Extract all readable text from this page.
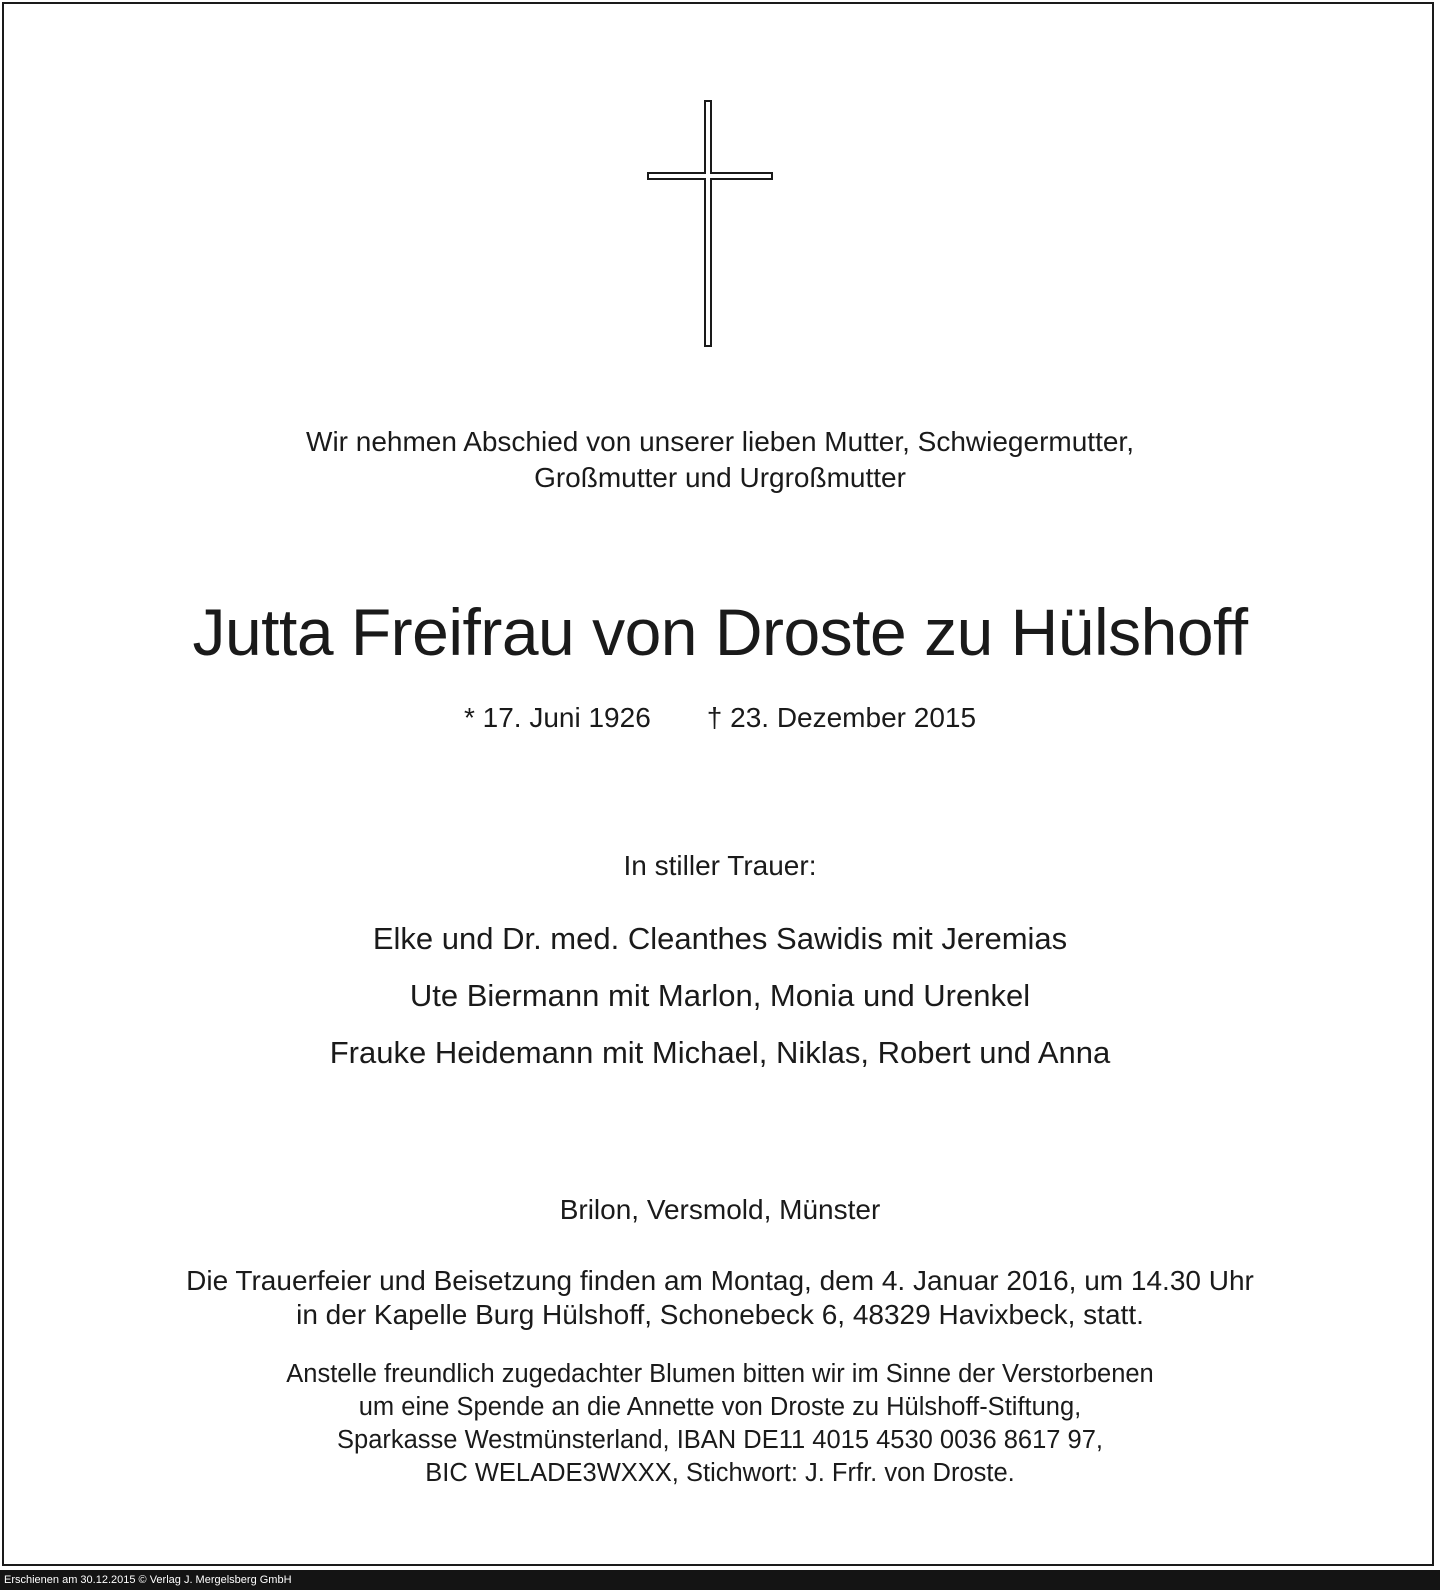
Wir nehmen Abschied von unserer lieben Mutter, Schwiegermutter,
Großmutter und Urgroßmutter
Jutta Freifrau von Droste zu Hülshoff
* 17. Juni 1926 † 23. Dezember 2015
In stiller Trauer:
Elke und Dr. med. Cleanthes Sawidis mit Jeremias
Ute Biermann mit Marlon, Monia und Urenkel
Frauke Heidemann mit Michael, Niklas, Robert und Anna
Brilon, Versmold, Münster
Die Trauerfeier und Beisetzung finden am Montag, dem 4. Januar 2016, um 14.30 Uhr
in der Kapelle Burg Hülshoff, Schonebeck 6, 48329 Havixbeck, statt.
Anstelle freundlich zugedachter Blumen bitten wir im Sinne der Verstorbenen
um eine Spende an die Annette von Droste zu Hülshoff-Stiftung,
Sparkasse Westmünsterland, IBAN DE11 4015 4530 0036 8617 97,
BIC WELADE3WXXX, Stichwort: J. Frfr. von Droste.
Erschienen am 30.12.2015 © Verlag J. Mergelsberg GmbH
